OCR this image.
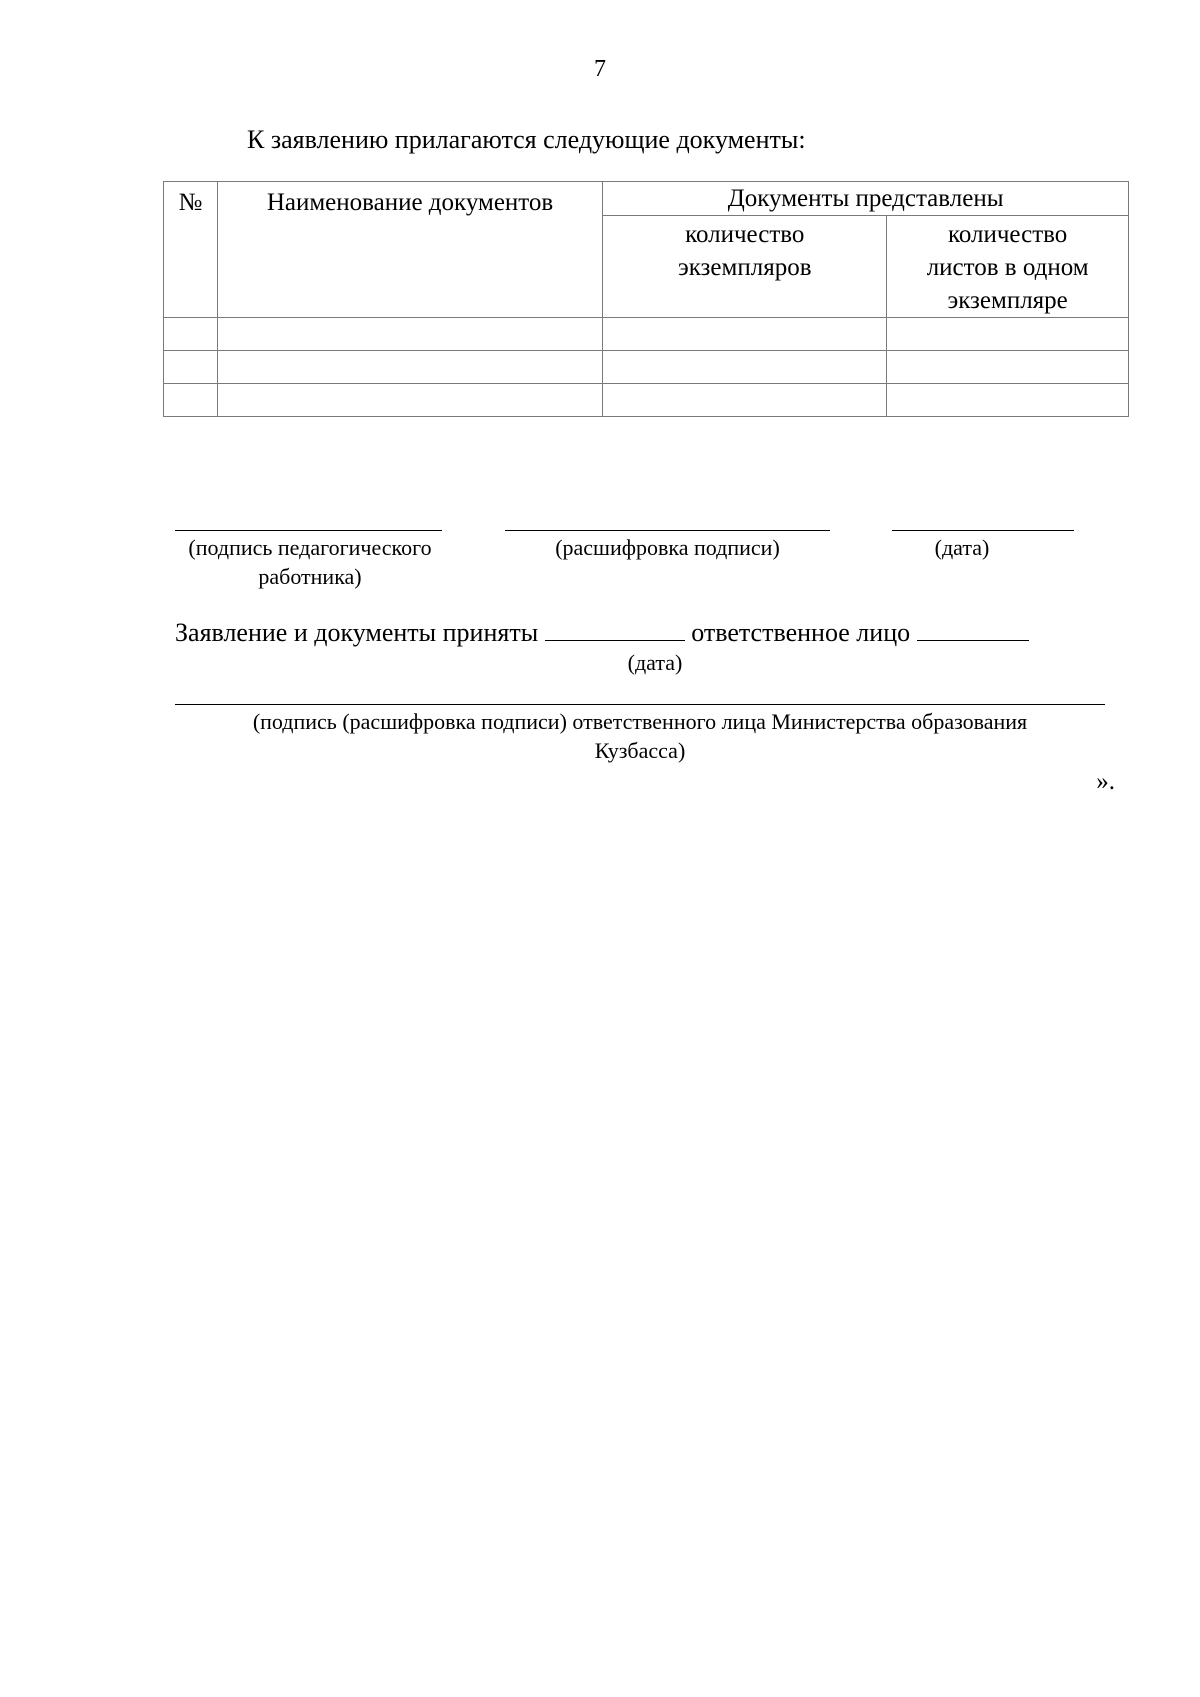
7
К заявлению прилагаются следующие документы:
№	Наименование документов	Документы представлены	

		количество экземпляров	количество листов в одном экземпляре

(подпись педагогического работника)
(расшифровка подписи)	(дата)
Заявление и документы приняты	ответственное лицо
(дата)
(подпись (расшифровка подписи) ответственного лица Министерства образования Кузбасса)
».
